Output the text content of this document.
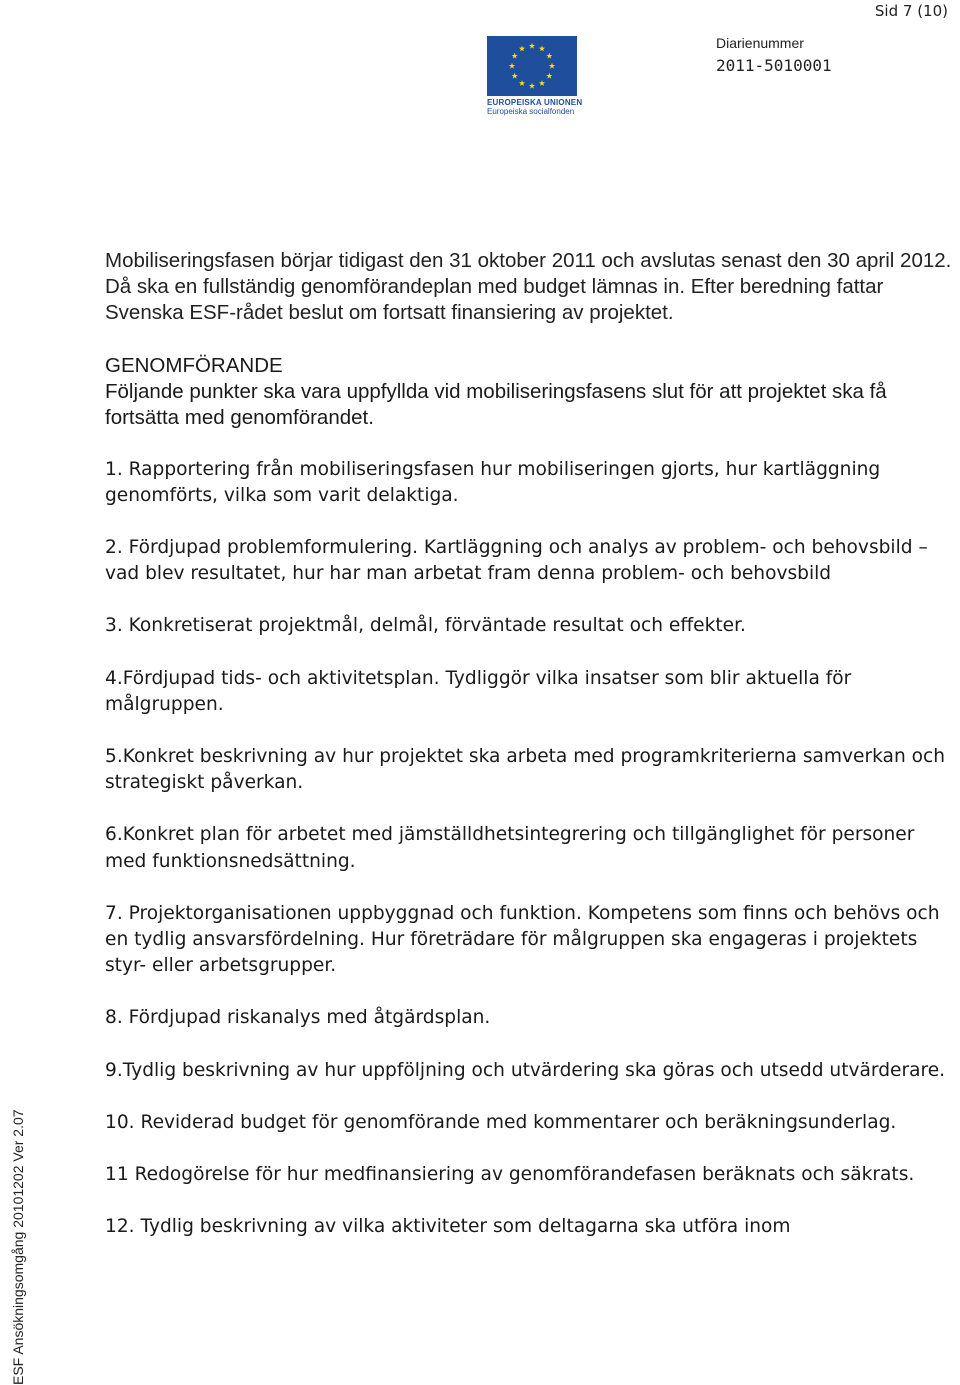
Sid 7 (10)
EUROPEISKA UNIONEN
Europeiska socialfonden
Diarienummer
2011-5010001

Mobiliseringsfasen börjar tidigast den 31 oktober 2011 och avslutas senast den 30 april 2012. Då ska en fullständig genomförandeplan med budget lämnas in. Efter beredning fattar Svenska ESF-rådet beslut om fortsatt finansiering av projektet.

GENOMFÖRANDE

Följande punkter ska vara uppfyllda vid mobiliseringsfasens slut för att projektet ska få fortsätta med genomförandet.

1. Rapportering från mobiliseringsfasen hur mobiliseringen gjorts, hur kartläggning genomförts, vilka som varit delaktiga.

2. Fördjupad problemformulering. Kartläggning och analys av problem- och behovsbild – vad blev resultatet, hur har man arbetat fram denna problem- och behovsbild

3. Konkretiserat projektmål, delmål, förväntade resultat och effekter.

4.Fördjupad tids- och aktivitetsplan. Tydliggör vilka insatser som blir aktuella för målgruppen.

5.Konkret beskrivning av hur projektet ska arbeta med programkriterierna samverkan och strategiskt påverkan.

6.Konkret plan för arbetet med jämställdhetsintegrering och tillgänglighet för personer med funktionsnedsättning.

7. Projektorganisationen uppbyggnad och funktion. Kompetens som finns och behövs och en tydlig ansvarsfördelning. Hur företrädare för målgruppen ska engageras i projektets styr- eller arbetsgrupper.

8. Fördjupad riskanalys med åtgärdsplan.

9.Tydlig beskrivning av hur uppföljning och utvärdering ska göras och utsedd utvärderare.

10. Reviderad budget för genomförande med kommentarer och beräkningsunderlag.

11 Redogörelse för hur medfinansiering av genomförandefasen beräknats och säkrats.

12. Tydlig beskrivning av vilka aktiviteter som deltagarna ska utföra inom

ESF Ansökningsomgång 20101202 Ver 2.07
